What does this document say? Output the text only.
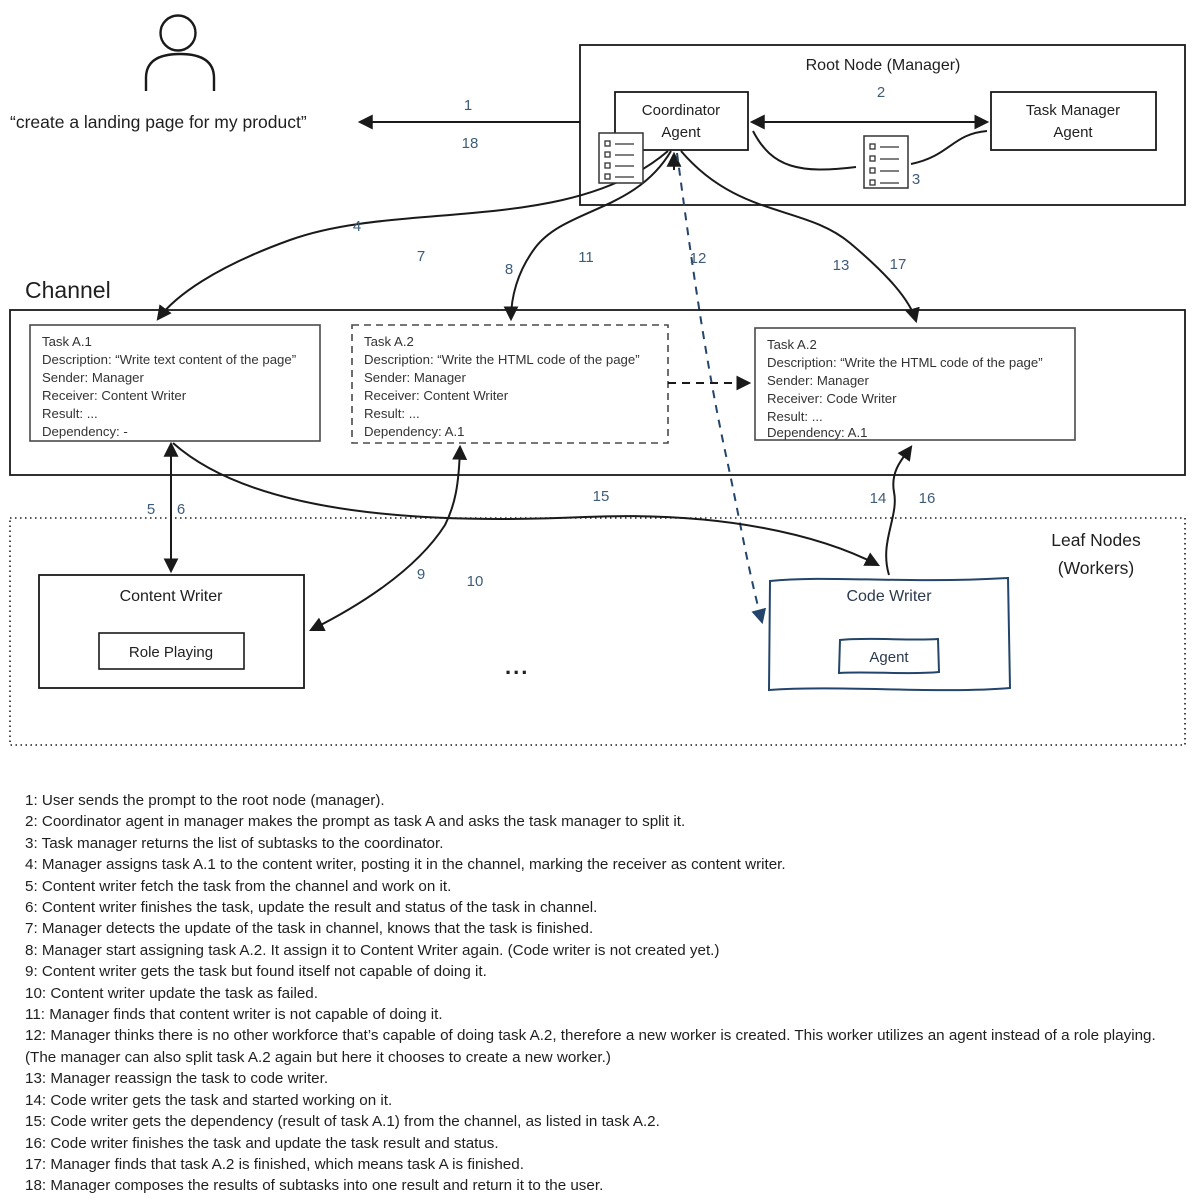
“create a landing page for my product”
1
18
Root Node (Manager)
4
7
8
11	12	13	17
Coordinator
Agent
Task Manager
Agent
2
3
Channel
Task A.1
Description: “Write text content of the page”
Sender: Manager
Receiver: Content Writer
Result: ...
Dependency: -
Task A.2
Description: “Write the HTML code of the page”
Sender: Manager
Receiver: Content Writer
Result: ...
Dependency: A.1
Task A.2
Description: “Write the HTML code of the page”
Sender: Manager
Receiver: Code Writer
Result: ...
Dependency: A.1
5 6
9	10
15	14 16
Leaf Nodes
(Workers)
Content Writer
Role Playing
...
Code Writer
Agent
1: User sends the prompt to the root node (manager).
2: Coordinator agent in manager makes the prompt as task A and asks the task manager to split it.
3: Task manager returns the list of subtasks to the coordinator.
4: Manager assigns task A.1 to the content writer, posting it in the channel, marking the receiver as content writer.
5: Content writer fetch the task from the channel and work on it.
6: Content writer finishes the task, update the result and status of the task in channel.
7: Manager detects the update of the task in channel, knows that the task is finished.
8: Manager start assigning task A.2. It assign it to Content Writer again. (Code writer is not created yet.)
9: Content writer gets the task but found itself not capable of doing it.
10: Content writer update the task as failed.
11: Manager finds that content writer is not capable of doing it.
12: Manager thinks there is no other workforce that’s capable of doing task A.2, therefore a new worker is created. This worker utilizes an agent instead of a role playing. (The manager can also split task A.2 again but here it chooses to create a new worker.)
13: Manager reassign the task to code writer.
14: Code writer gets the task and started working on it.
15: Code writer gets the dependency (result of task A.1) from the channel, as listed in task A.2.
16: Code writer finishes the task and update the task result and status.
17: Manager finds that task A.2 is finished, which means task A is finished.
18: Manager composes the results of subtasks into one result and return it to the user.
